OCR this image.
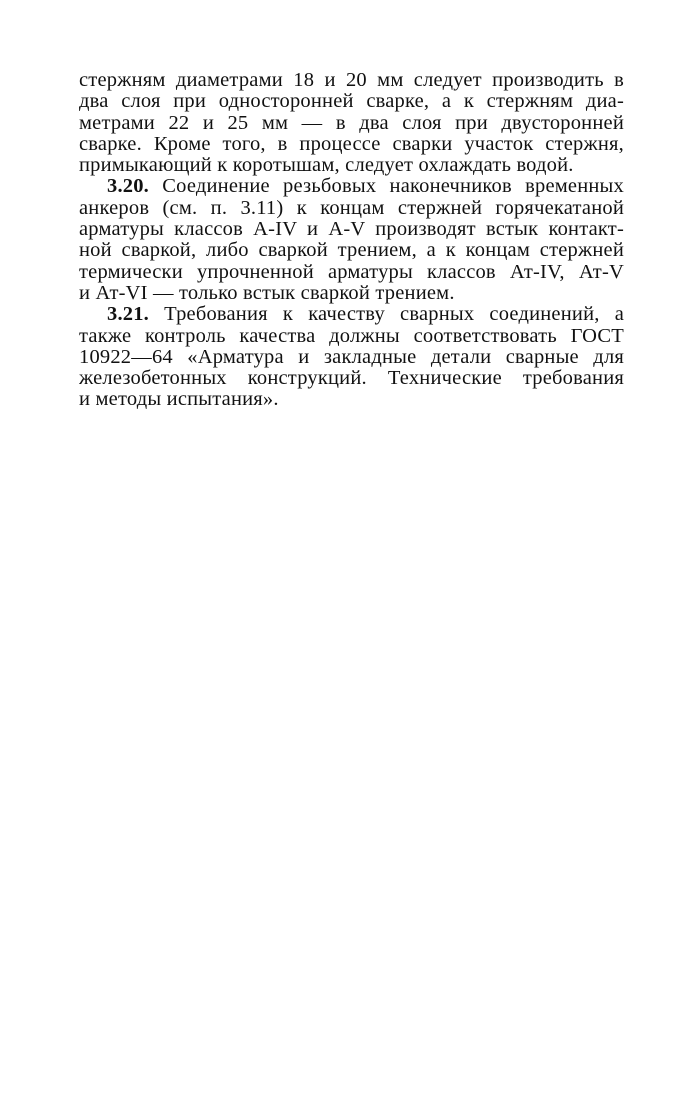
стержням диаметрами 18 и 20 мм следует производить в
два слоя при односторонней сварке, а к стержням диа-
метрами 22 и 25 мм — в два слоя при двусторонней
сварке. Кроме того, в процессе сварки участок стержня,
примыкающий к коротышам, следует охлаждать водой.
3.20. Соединение резьбовых наконечников временных
анкеров (см. п. 3.11) к концам стержней горячекатаной
арматуры классов А-IV и А-V производят встык контакт-
ной сваркой, либо сваркой трением, а к концам стержней
термически упрочненной арматуры классов Ат-IV, Ат-V
и Ат-VI — только встык сваркой трением.
3.21. Требования к качеству сварных соединений, а
также контроль качества должны соответствовать ГОСТ
10922—64 «Арматура и закладные детали сварные для
железобетонных конструкций. Технические требования
и методы испытания».
